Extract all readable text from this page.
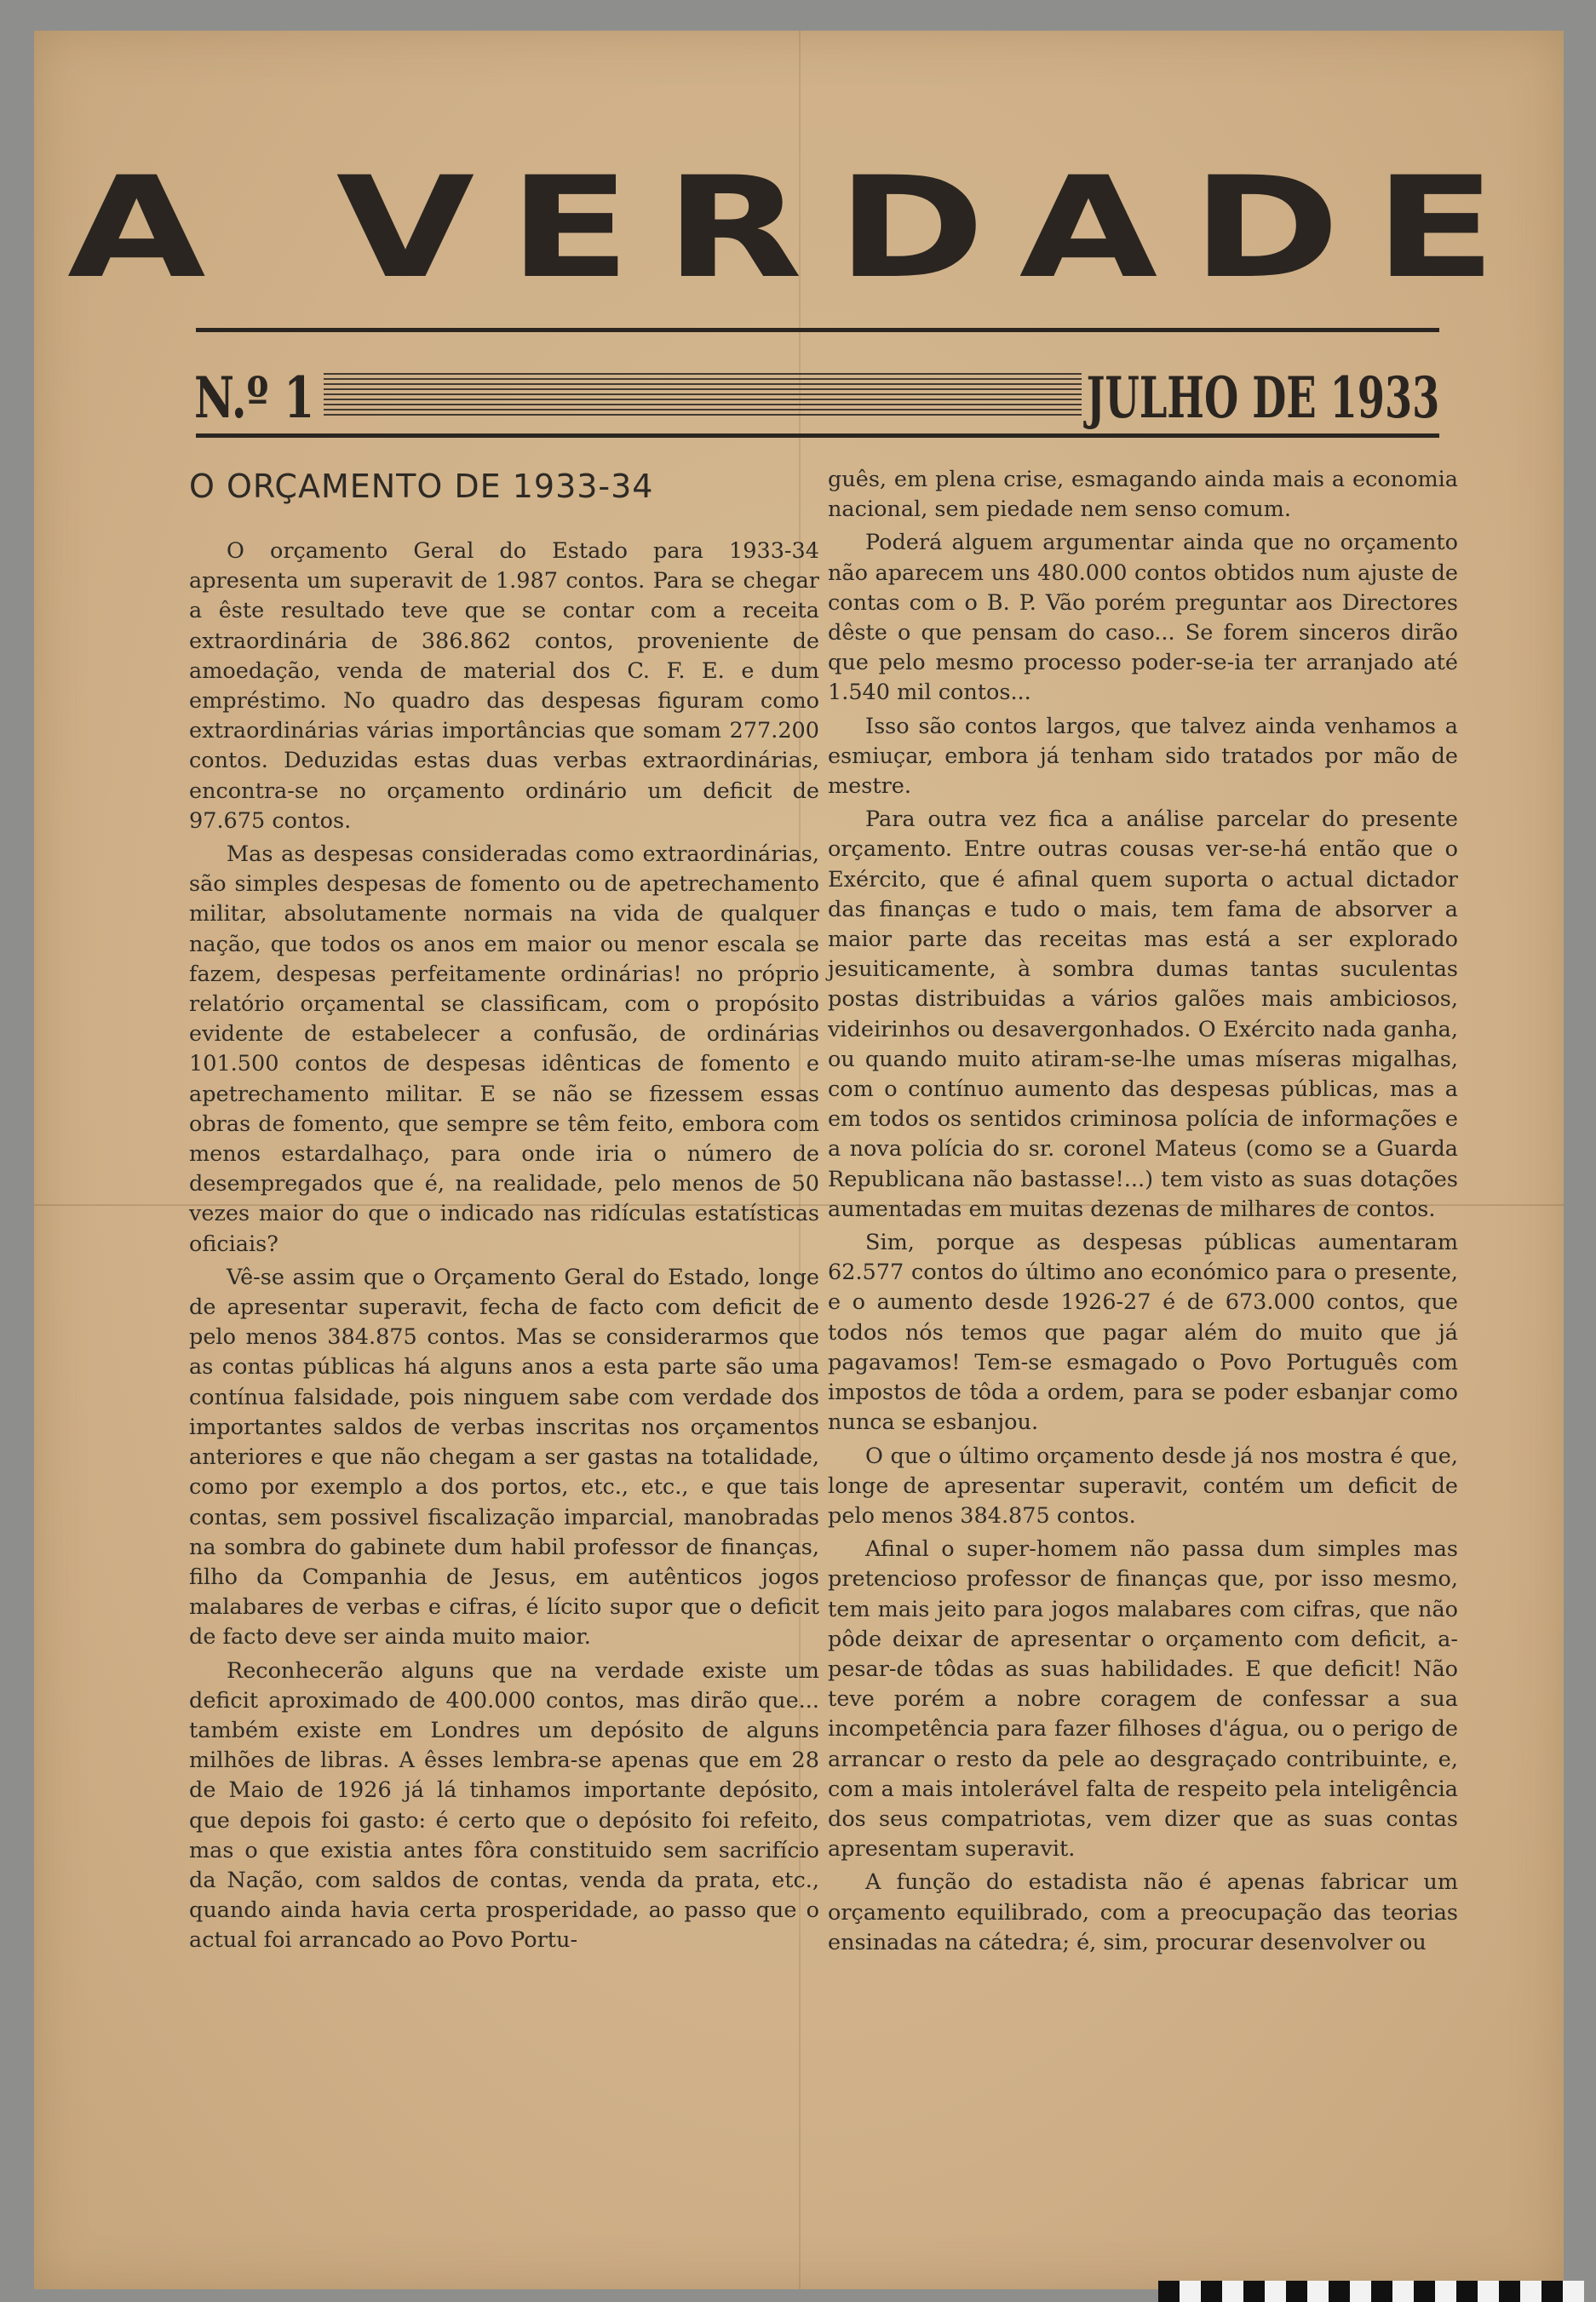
A VERDADE
N.º 1	JULHO DE 1933
O ORÇAMENTO DE 1933-34

O orçamento Geral do Estado para 1933-34 apresenta um superavit de 1.987 contos. Para se chegar a êste resultado teve que se contar com a receita extraordinária de 386.862 contos, proveniente de amoedação, venda de material dos C. F. E. e dum empréstimo. No quadro das despesas figuram como extraordinárias várias importâncias que somam 277.200 contos. Deduzidas estas duas verbas extraordinárias, encontra-se no orçamento ordinário um deficit de 97.675 contos.

Mas as despesas consideradas como extraordinárias, são simples despesas de fomento ou de apetrechamento militar, absolutamente normais na vida de qualquer nação, que todos os anos em maior ou menor escala se fazem, despesas perfeitamente ordinárias! no próprio relatório orçamental se classificam, com o propósito evidente de estabelecer a confusão, de ordinárias 101.500 contos de despesas idênticas de fomento e apetrechamento militar. E se não se fizessem essas obras de fomento, que sempre se têm feito, embora com menos estardalhaço, para onde iria o número de desempregados que é, na realidade, pelo menos de 50 vezes maior do que o indicado nas ridículas estatísticas oficiais?

Vê-se assim que o Orçamento Geral do Estado, longe de apresentar superavit, fecha de facto com deficit de pelo menos 384.875 contos. Mas se considerarmos que as contas públicas há alguns anos a esta parte são uma contínua falsidade, pois ninguem sabe com verdade dos importantes saldos de verbas inscritas nos orçamentos anteriores e que não chegam a ser gastas na totalidade, como por exemplo a dos portos, etc., etc., e que tais contas, sem possivel fiscalização imparcial, manobradas na sombra do gabinete dum habil professor de finanças, filho da Companhia de Jesus, em autênticos jogos malabares de verbas e cifras, é lícito supor que o deficit de facto deve ser ainda muito maior.

Reconhecerão alguns que na verdade existe um deficit aproximado de 400.000 contos, mas dirão que... também existe em Londres um depósito de alguns milhões de libras. A êsses lembra-se apenas que em 28 de Maio de 1926 já lá tinhamos importante depósito, que depois foi gasto: é certo que o depósito foi refeito, mas o que existia antes fôra constituido sem sacrifício da Nação, com saldos de contas, venda da prata, etc., quando ainda havia certa prosperidade, ao passo que o actual foi arrancado ao Povo Portu-

guês, em plena crise, esmagando ainda mais a economia nacional, sem piedade nem senso comum.

Poderá alguem argumentar ainda que no orçamento não aparecem uns 480.000 contos obtidos num ajuste de contas com o B. P. Vão porém preguntar aos Directores dêste o que pensam do caso... Se forem sinceros dirão que pelo mesmo processo poder-se-ia ter arranjado até 1.540 mil contos...

Isso são contos largos, que talvez ainda venhamos a esmiuçar, embora já tenham sido tratados por mão de mestre.

Para outra vez fica a análise parcelar do presente orçamento. Entre outras cousas ver-se-há então que o Exército, que é afinal quem suporta o actual dictador das finanças e tudo o mais, tem fama de absorver a maior parte das receitas mas está a ser explorado jesuiticamente, à sombra dumas tantas suculentas postas distribuidas a vários galões mais ambiciosos, videirinhos ou desavergonhados. O Exército nada ganha, ou quando muito atiram-se-lhe umas míseras migalhas, com o contínuo aumento das despesas públicas, mas a em todos os sentidos criminosa polícia de informações e a nova polícia do sr. coronel Mateus (como se a Guarda Republicana não bastasse!...) tem visto as suas dotações aumentadas em muitas dezenas de milhares de contos.

Sim, porque as despesas públicas aumentaram 62.577 contos do último ano económico para o presente, e o aumento desde 1926-27 é de 673.000 contos, que todos nós temos que pagar além do muito que já pagavamos! Tem-se esmagado o Povo Português com impostos de tôda a ordem, para se poder esbanjar como nunca se esbanjou.

O que o último orçamento desde já nos mostra é que, longe de apresentar superavit, contém um deficit de pelo menos 384.875 contos.

Afinal o super-homem não passa dum simples mas pretencioso professor de finanças que, por isso mesmo, tem mais jeito para jogos malabares com cifras, que não pôde deixar de apresentar o orçamento com deficit, a-pesar-de tôdas as suas habilidades. E que deficit! Não teve porém a nobre coragem de confessar a sua incompetência para fazer filhoses d'água, ou o perigo de arrancar o resto da pele ao desgraçado contribuinte, e, com a mais intolerável falta de respeito pela inteligência dos seus compatriotas, vem dizer que as suas contas apresentam superavit.

A função do estadista não é apenas fabricar um orçamento equilibrado, com a preocupação das teorias ensinadas na cátedra; é, sim, procurar desenvolver ou
